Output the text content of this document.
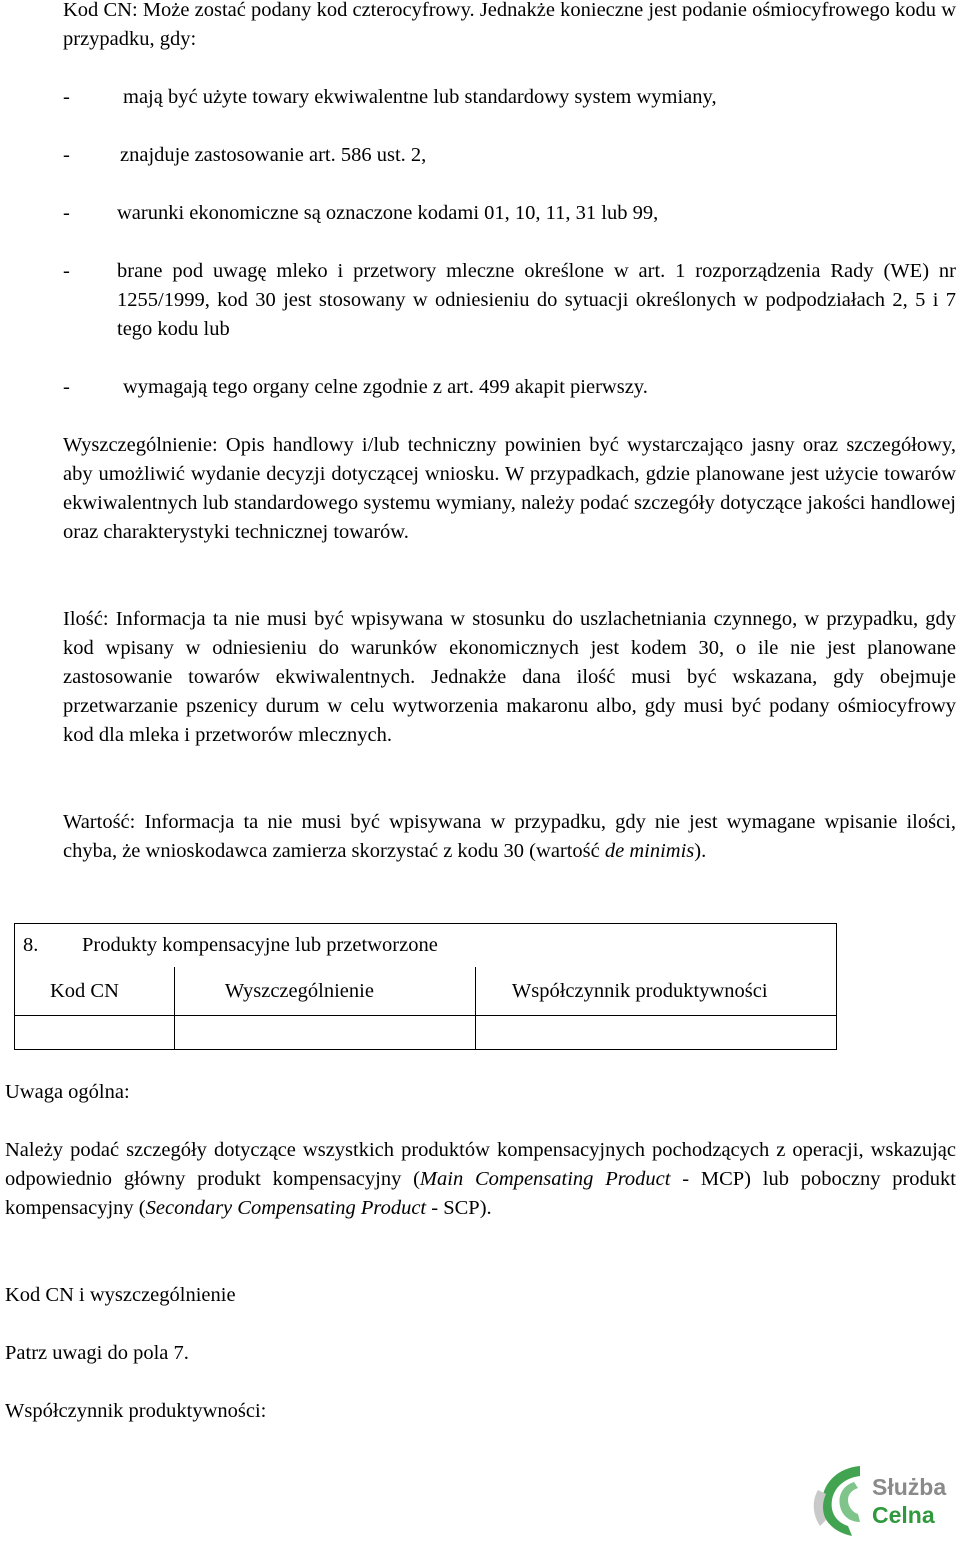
Kod CN: Może zostać podany kod czterocyfrowy. Jednakże konieczne jest podanie ośmiocyfrowego kodu w przypadku, gdy:

-	mają być użyte towary ekwiwalentne lub standardowy system wymiany,

- znajduje zastosowanie art. 586 ust. 2,

- warunki ekonomiczne są oznaczone kodami 01, 10, 11, 31 lub 99,

- brane pod uwagę mleko i przetwory mleczne określone w art. 1 rozporządzenia Rady (WE) nr 1255/1999, kod 30 jest stosowany w odniesieniu do sytuacji określonych w podpodziałach 2, 5 i 7 tego kodu lub

-	wymagają tego organy celne zgodnie z art. 499 akapit pierwszy.

Wyszczególnienie: Opis handlowy i/lub techniczny powinien być wystarczająco jasny oraz szczegółowy, aby umożliwić wydanie decyzji dotyczącej wniosku. W przypadkach, gdzie planowane jest użycie towarów ekwiwalentnych lub standardowego systemu wymiany, należy podać szczegóły dotyczące jakości handlowej oraz charakterystyki technicznej towarów.

Ilość: Informacja ta nie musi być wpisywana w stosunku do uszlachetniania czynnego, w przypadku, gdy kod wpisany w odniesieniu do warunków ekonomicznych jest kodem 30, o ile nie jest planowane zastosowanie towarów ekwiwalentnych. Jednakże dana ilość musi być wskazana, gdy obejmuje przetwarzanie pszenicy durum w celu wytworzenia makaronu albo, gdy musi być podany ośmiocyfrowy kod dla mleka i przetworów mlecznych.

Wartość: Informacja ta nie musi być wpisywana w przypadku, gdy nie jest wymagane wpisanie ilości, chyba, że wnioskodawca zamierza skorzystać z kodu 30 (wartość de minimis).

8. Produkty kompensacyjne lub przetworzone		
Kod CN	Wyszczególnienie	Współczynnik produktywności

Uwaga ogólna:

Należy podać szczegóły dotyczące wszystkich produktów kompensacyjnych pochodzących z operacji, wskazując odpowiednio główny produkt kompensacyjny (Main Compensating Product - MCP) lub poboczny produkt kompensacyjny (Secondary Compensating Product - SCP).

Kod CN i wyszczególnienie

Patrz uwagi do pola 7.

Współczynnik produktywności:

Służba
Celna
